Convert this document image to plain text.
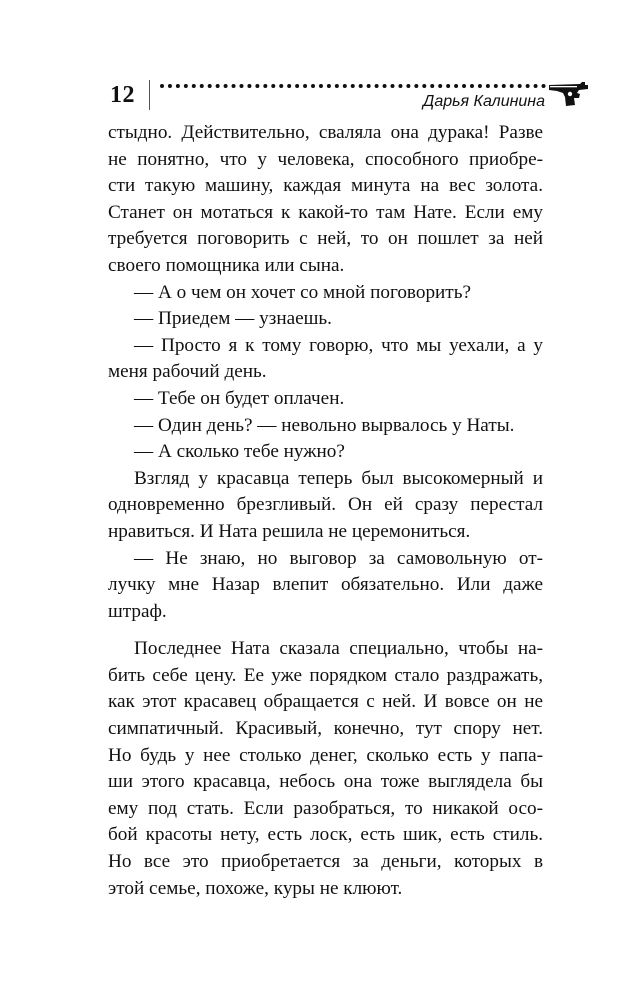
12	Дарья Калинина

стыдно. Действительно, сваляла она дурака! Разве
не понятно, что у человека, способного приобре-
сти такую машину, каждая минута на вес золота.
Станет он мотаться к какой-то там Нате. Если ему
требуется поговорить с ней, то он пошлет за ней
своего помощника или сына.

— А о чем он хочет со мной поговорить?

— Приедем — узнаешь.

— Просто я к тому говорю, что мы уехали, а у
меня рабочий день.

— Тебе он будет оплачен.

— Один день? — невольно вырвалось у Наты.

— А сколько тебе нужно?

Взгляд у красавца теперь был высокомерный и
одновременно брезгливый. Он ей сразу перестал
нравиться. И Ната решила не церемониться.

— Не знаю, но выговор за самовольную от-
лучку мне Назар влепит обязательно. Или даже
штраф.

Последнее Ната сказала специально, чтобы на-
бить себе цену. Ее уже порядком стало раздражать,
как этот красавец обращается с ней. И вовсе он не
симпатичный. Красивый, конечно, тут спору нет.
Но будь у нее столько денег, сколько есть у папа-
ши этого красавца, небось она тоже выглядела бы
ему под стать. Если разобраться, то никакой осо-
бой красоты нету, есть лоск, есть шик, есть стиль.
Но все это приобретается за деньги, которых в
этой семье, похоже, куры не клюют.
